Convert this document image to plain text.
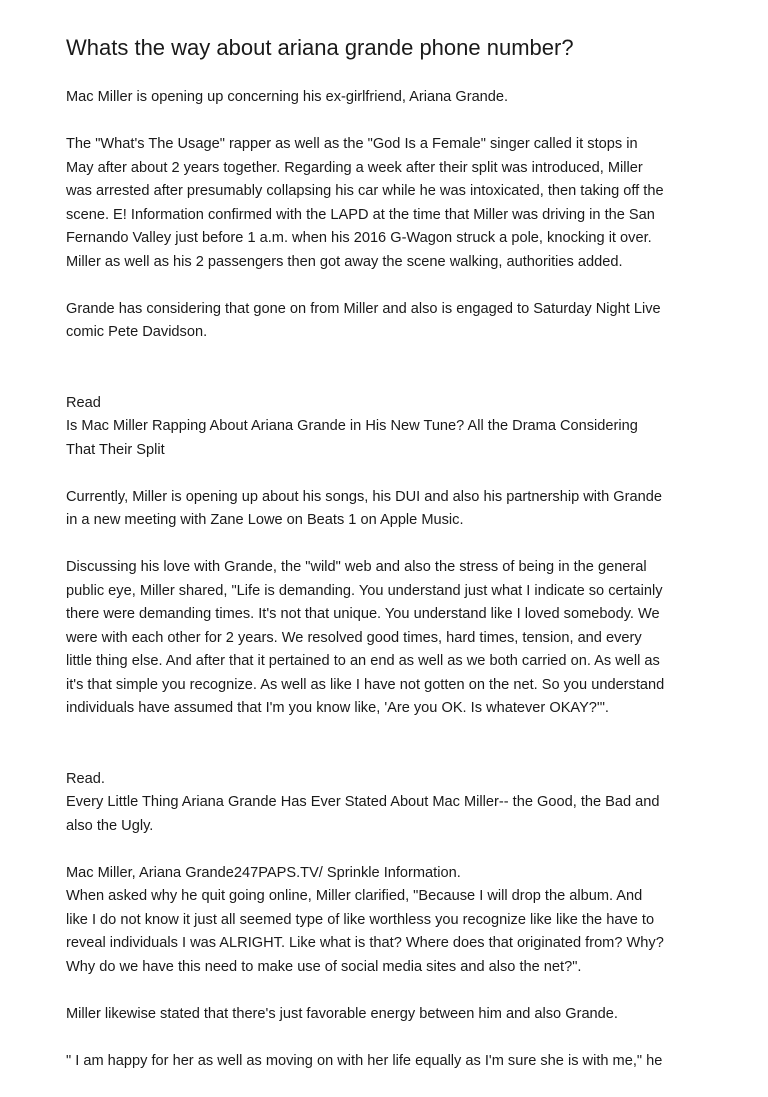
Whats the way about ariana grande phone number?

Mac Miller is opening up concerning his ex-girlfriend, Ariana Grande.

The "What's The Usage" rapper as well as the "God Is a Female" singer called it stops in
May after about 2 years together. Regarding a week after their split was introduced, Miller
was arrested after presumably collapsing his car while he was intoxicated, then taking off the
scene. E! Information confirmed with the LAPD at the time that Miller was driving in the San
Fernando Valley just before 1 a.m. when his 2016 G-Wagon struck a pole, knocking it over.
Miller as well as his 2 passengers then got away the scene walking, authorities added.

Grande has considering that gone on from Miller and also is engaged to Saturday Night Live
comic Pete Davidson.

Read
Is Mac Miller Rapping About Ariana Grande in His New Tune? All the Drama Considering
That Their Split

Currently, Miller is opening up about his songs, his DUI and also his partnership with Grande
in a new meeting with Zane Lowe on Beats 1 on Apple Music.

Discussing his love with Grande, the "wild" web and also the stress of being in the general
public eye, Miller shared, "Life is demanding. You understand just what I indicate so certainly
there were demanding times. It's not that unique. You understand like I loved somebody. We
were with each other for 2 years. We resolved good times, hard times, tension, and every
little thing else. And after that it pertained to an end as well as we both carried on. As well as
it's that simple you recognize. As well as like I have not gotten on the net. So you understand
individuals have assumed that I'm you know like, 'Are you OK. Is whatever OKAY?'".

Read.
Every Little Thing Ariana Grande Has Ever Stated About Mac Miller-- the Good, the Bad and
also the Ugly.

Mac Miller, Ariana Grande247PAPS.TV/ Sprinkle Information.
When asked why he quit going online, Miller clarified, "Because I will drop the album. And
like I do not know it just all seemed type of like worthless you recognize like like the have to
reveal individuals I was ALRIGHT. Like what is that? Where does that originated from? Why?
Why do we have this need to make use of social media sites and also the net?".

Miller likewise stated that there's just favorable energy between him and also Grande.

" I am happy for her as well as moving on with her life equally as I'm sure she is with me," he
